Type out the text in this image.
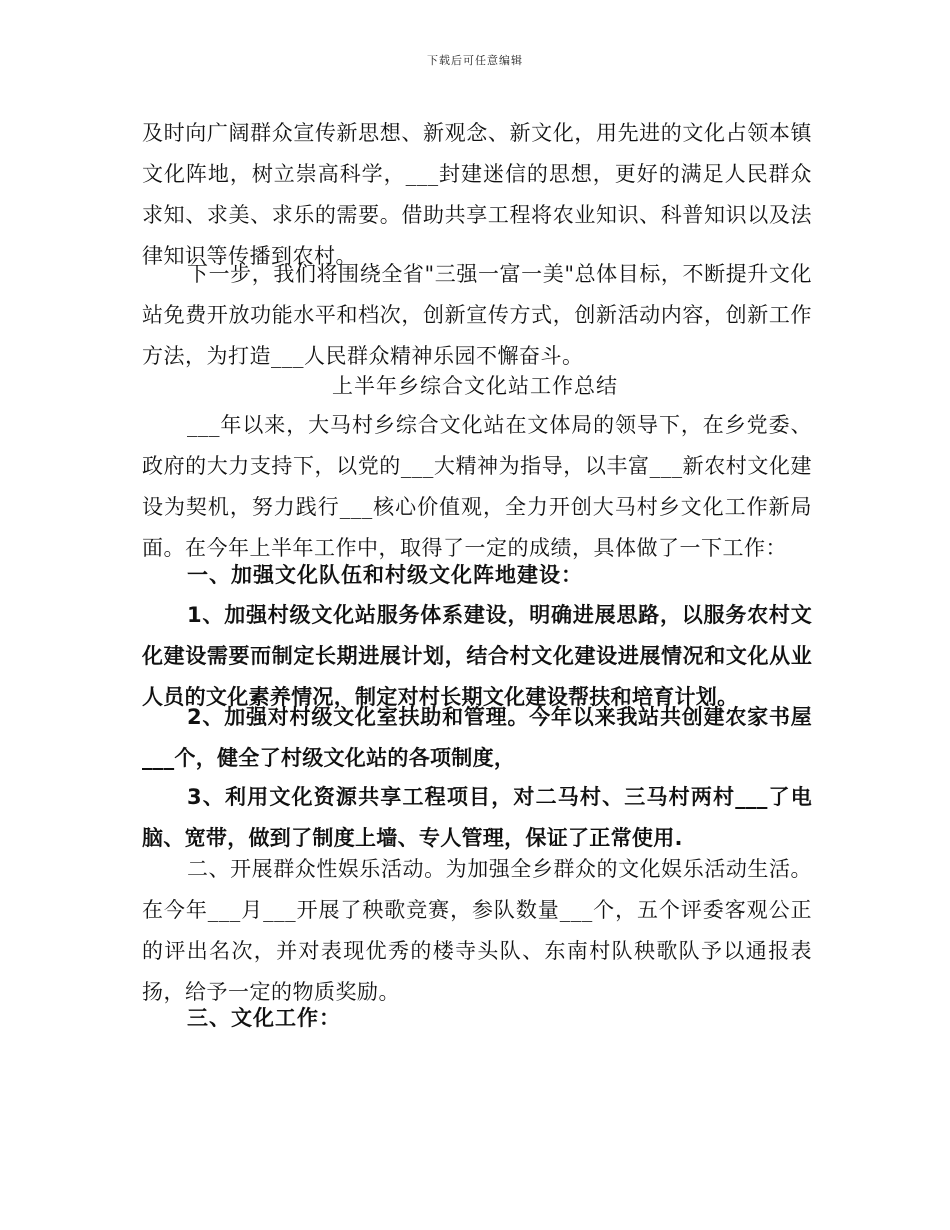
下载后可任意编辑

及时向广阔群众宣传新思想、新观念、新文化，用先进的文化占领本镇文化阵地，树立崇高科学，___封建迷信的思想，更好的满足人民群众求知、求美、求乐的需要。借助共享工程将农业知识、科普知识以及法律知识等传播到农村。

下一步，我们将围绕全省"三强一富一美"总体目标，不断提升文化站免费开放功能水平和档次，创新宣传方式，创新活动内容，创新工作方法，为打造___人民群众精神乐园不懈奋斗。

上半年乡综合文化站工作总结

___年以来，大马村乡综合文化站在文体局的领导下，在乡党委、政府的大力支持下，以党的___大精神为指导，以丰富___新农村文化建设为契机，努力践行___核心价值观，全力开创大马村乡文化工作新局面。在今年上半年工作中，取得了一定的成绩，具体做了一下工作：

一、加强文化队伍和村级文化阵地建设：

1、加强村级文化站服务体系建设，明确进展思路，以服务农村文化建设需要而制定长期进展计划，结合村文化建设进展情况和文化从业人员的文化素养情况，制定对村长期文化建设帮扶和培育计划。

2、加强对村级文化室扶助和管理。今年以来我站共创建农家书屋___个，健全了村级文化站的各项制度，

3、利用文化资源共享工程项目，对二马村、三马村两村___了电脑、宽带，做到了制度上墙、专人管理，保证了正常使用.

二、开展群众性娱乐活动。为加强全乡群众的文化娱乐活动生活。在今年___月___开展了秧歌竞赛，参队数量___个，五个评委客观公正的评出名次，并对表现优秀的楼寺头队、东南村队秧歌队予以通报表扬，给予一定的物质奖励。

三、文化工作：
